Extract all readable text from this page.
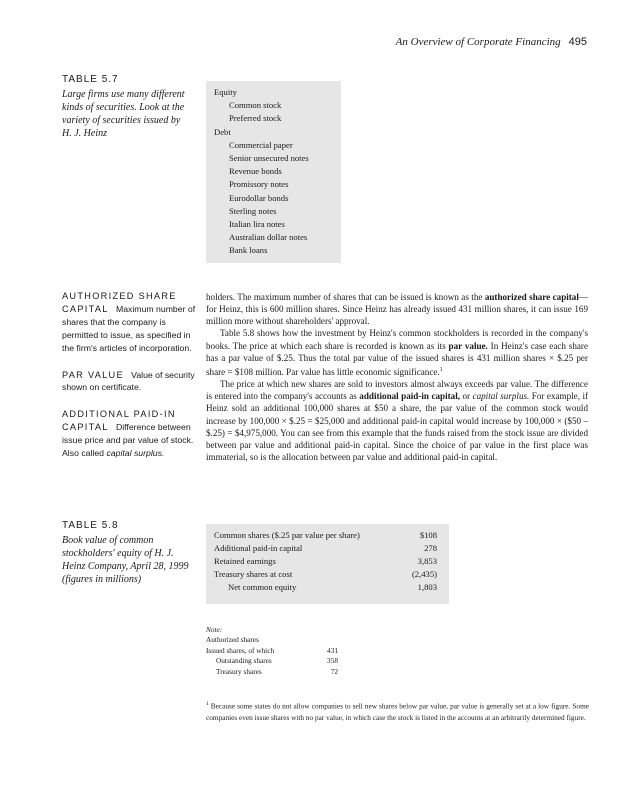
An Overview of Corporate Financing 495
TABLE 5.7
Large firms use many different kinds of securities. Look at the variety of securities issued by H. J. Heinz
Equity
Common stock
Preferred stock
Debt
Commercial paper
Senior unsecured notes
Revenue bonds
Promissory notes
Eurodollar bonds
Sterling notes
Italian lira notes
Australian dollar notes
Bank loans
AUTHORIZED SHARE CAPITAL Maximum number of shares that the company is permitted to issue, as specified in the firm's articles of incorporation.
PAR VALUE Value of security shown on certificate.
ADDITIONAL PAID-IN CAPITAL Difference between issue price and par value of stock. Also called capital surplus.

holders. The maximum number of shares that can be issued is known as the authorized share capital—for Heinz, this is 600 million shares. Since Heinz has already issued 431 million shares, it can issue 169 million more without shareholders' approval.

Table 5.8 shows how the investment by Heinz's common stockholders is recorded in the company's books. The price at which each share is recorded is known as its par value. In Heinz's case each share has a par value of $.25. Thus the total par value of the issued shares is 431 million shares × $.25 per share = $108 million. Par value has little economic significance.$^1$

The price at which new shares are sold to investors almost always exceeds par value. The difference is entered into the company's accounts as additional paid-in capital, or capital surplus. For example, if Heinz sold an additional 100,000 shares at $50 a share, the par value of the common stock would increase by 100,000 × $.25 = $25,000 and additional paid-in capital would increase by 100,000 × ($50 – $.25) = $4,975,000. You can see from this example that the funds raised from the stock issue are divided between par value and additional paid-in capital. Since the choice of par value in the first place was immaterial, so is the allocation between par value and additional paid-in capital.

TABLE 5.8
Book value of common stockholders' equity of H. J. Heinz Company, April 28, 1999 (figures in millions)
Common shares ($.25 par value per share)	$108
Additional paid-in capital	278
Retained earnings	3,853
Treasury shares at cost	(2,435)
Net common equity	1,803
Note:
Authorized shares
Issued shares, of which	431
Outstanding shares	358
Treasury shares	72
$^1$ Because some states do not allow companies to sell new shares below par value, par value is generally set at a low figure. Some companies even issue shares with no par value, in which case the stock is listed in the accounts at an arbitrarily determined figure.
